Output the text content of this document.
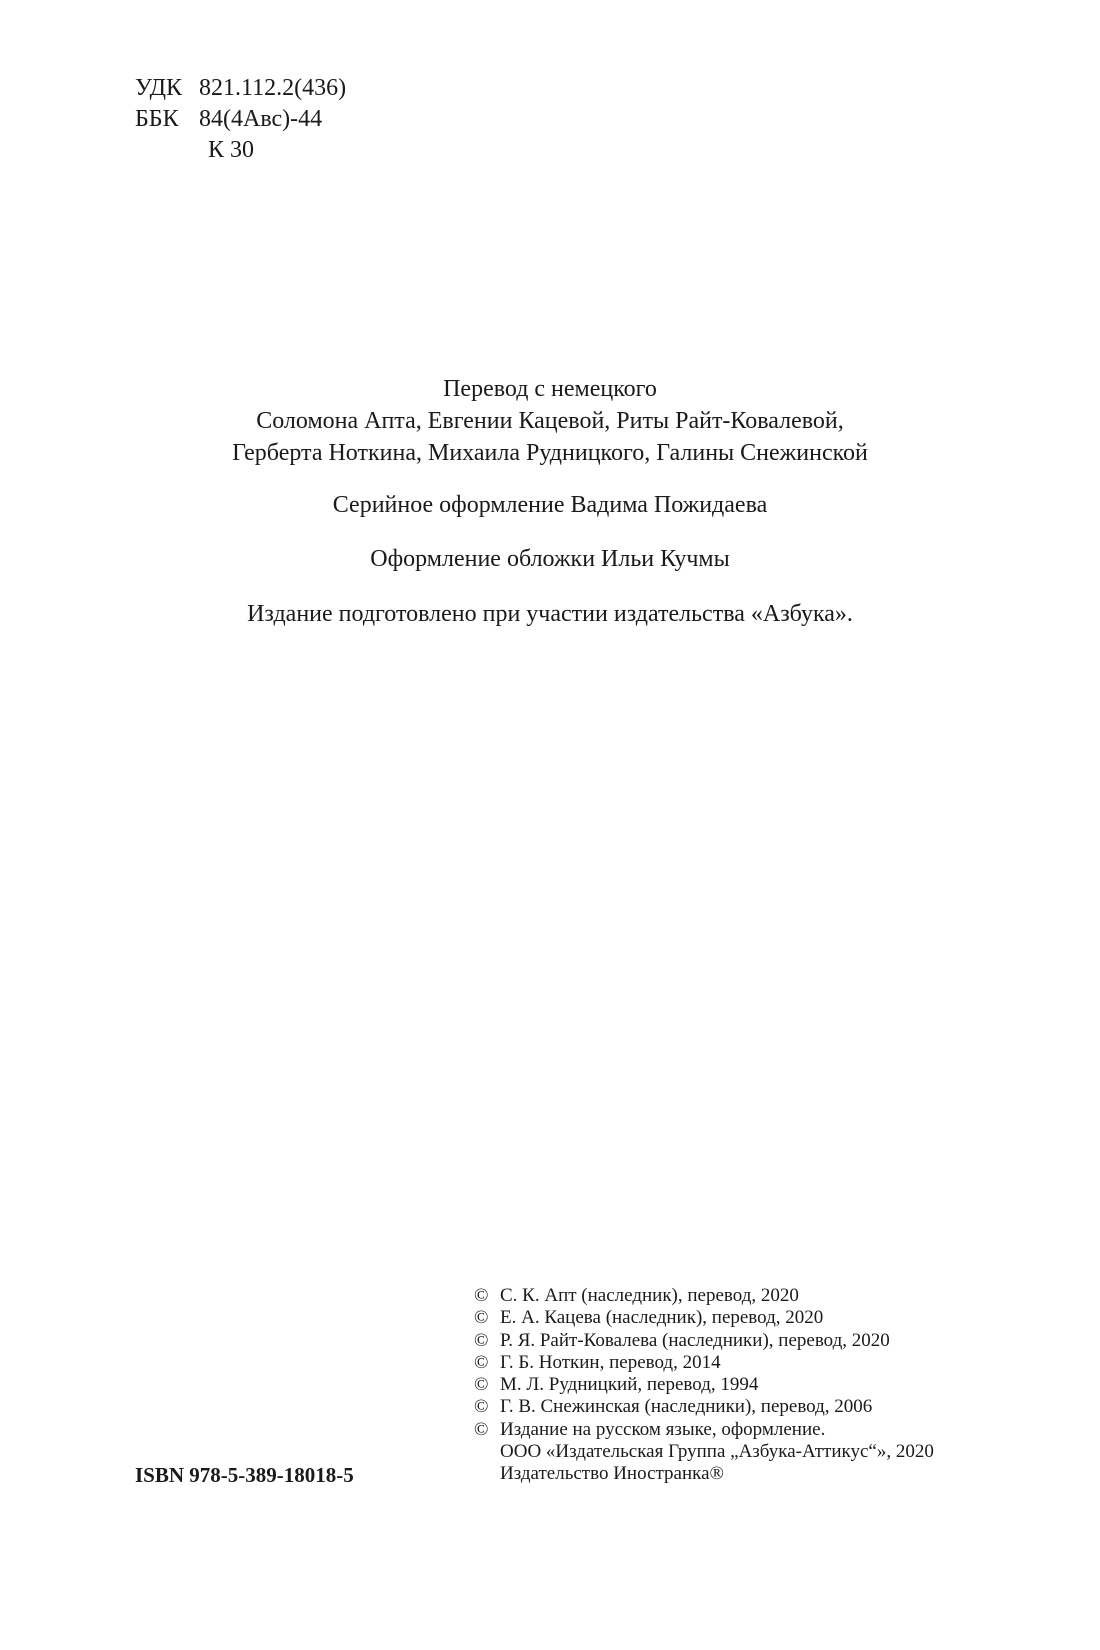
УДК 821.112.2(436)
ББК 84(4Авс)-44
К 30

Перевод с немецкого

Соломона Апта, Евгении Кацевой, Риты Райт-Ковалевой,

Герберта Ноткина, Михаила Рудницкого, Галины Снежинской

Серийное оформление Вадима Пожидаева

Оформление обложки Ильи Кучмы

Издание подготовлено при участии издательства «Азбука».

ISBN 978-5-389-18018-5
© С. К. Апт (наследник), перевод, 2020
© Е. А. Кацева (наследник), перевод, 2020
© Р. Я. Райт-Ковалева (наследники), перевод, 2020
© Г. Б. Ноткин, перевод, 2014
© М. Л. Рудницкий, перевод, 1994
© Г. В. Снежинская (наследники), перевод, 2006
© Издание на русском языке, оформление.
ООО «Издательская Группа „Азбука-Аттикус“», 2020
Издательство Иностранка®
